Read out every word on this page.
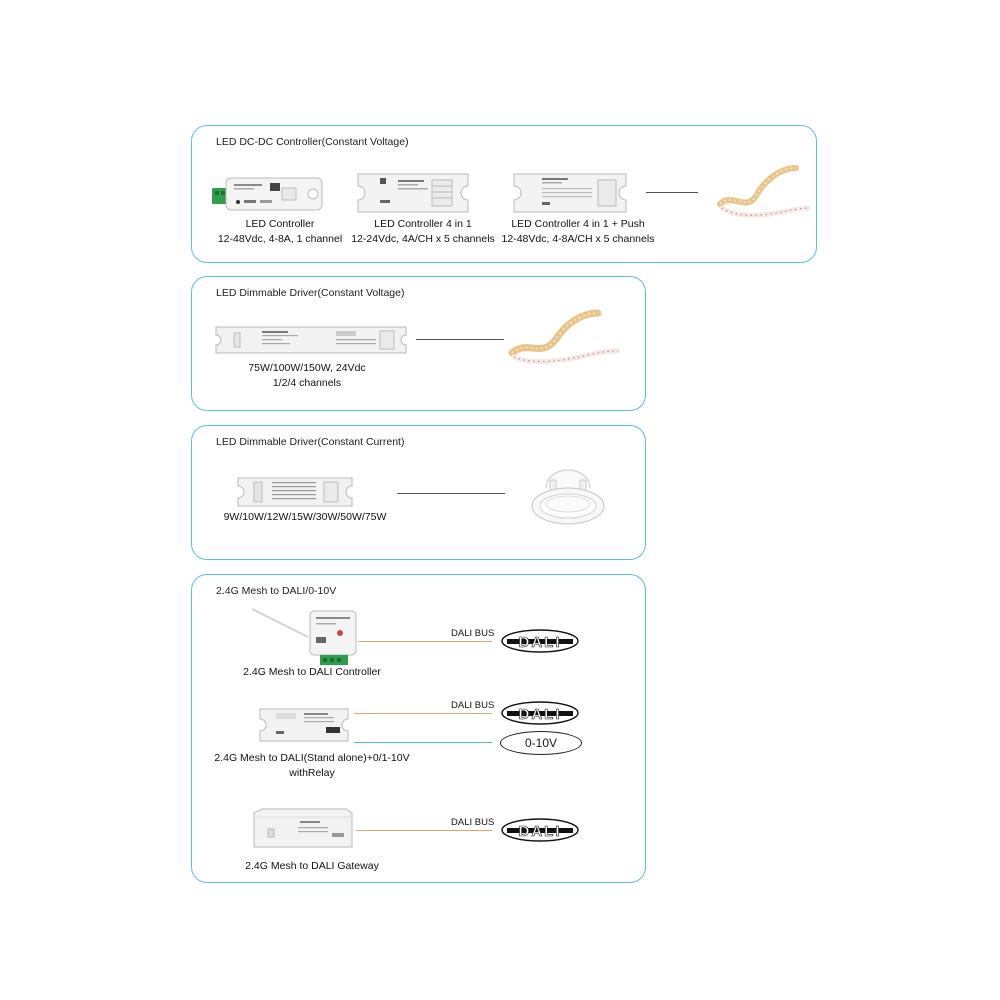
LED DC-DC Controller(Constant Voltage)
LED Controller
12-48Vdc, 4-8A, 1 channel
LED Controller 4 in 1
12-24Vdc, 4A/CH x 5 channels
LED Controller 4 in 1 + Push
12-48Vdc, 4-8A/CH x 5 channels
LED Dimmable Driver(Constant Voltage)
75W/100W/150W, 24Vdc
1/2/4 channels
LED Dimmable Driver(Constant Current)
9W/10W/12W/15W/30W/50W/75W
2.4G Mesh to DALI/0-10V
2.4G Mesh to DALI Controller
DALI BUS
DALI
2.4G Mesh to DALI(Stand alone)+0/1-10V
withRelay
DALI BUS
DALI
0-10V
2.4G Mesh to DALI Gateway
DALI BUS
DALI
